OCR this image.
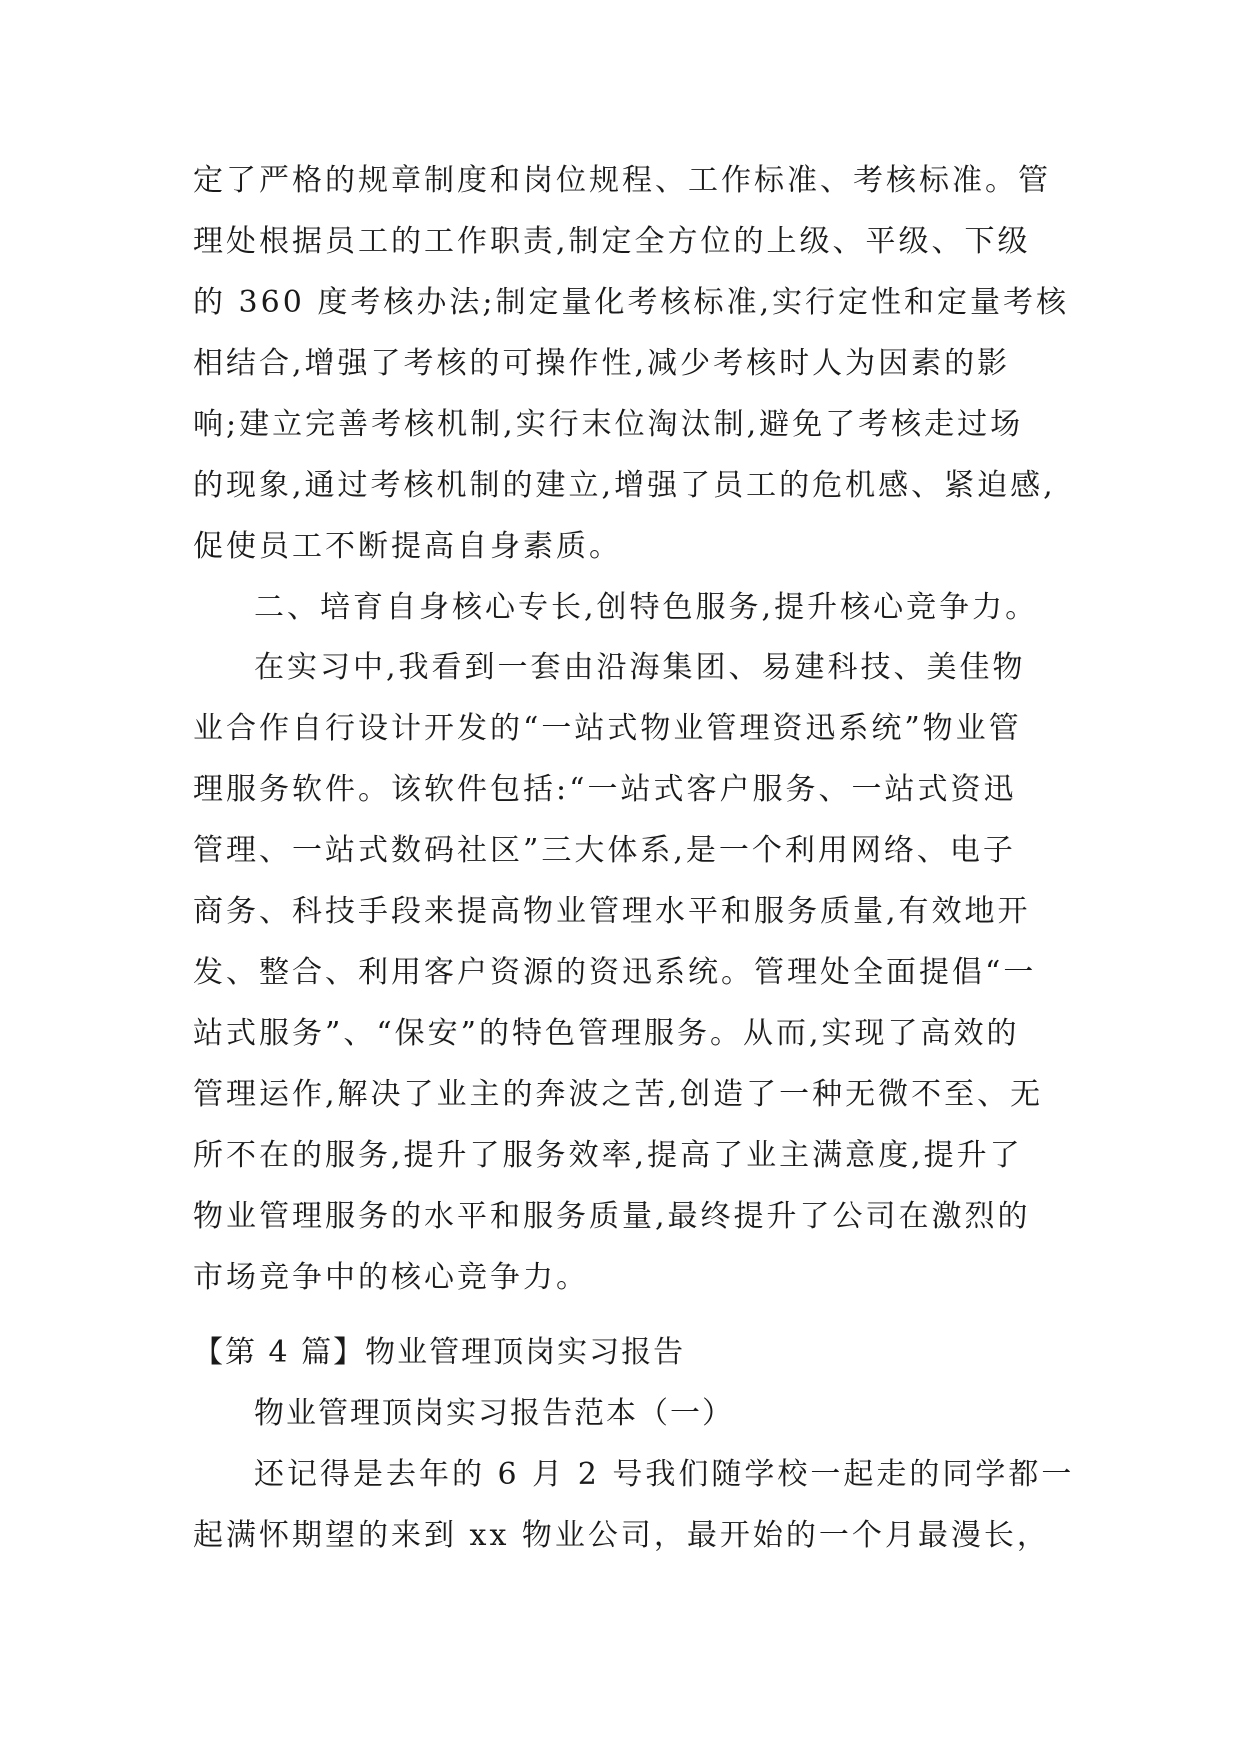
定了严格的规章制度和岗位规程、工作标准、考核标准。管
理处根据员工的工作职责,制定全方位的上级、平级、下级
的 360 度考核办法;制定量化考核标准,实行定性和定量考核
相结合,增强了考核的可操作性,减少考核时人为因素的影
响;建立完善考核机制,实行末位淘汰制,避免了考核走过场
的现象,通过考核机制的建立,增强了员工的危机感、紧迫感,
促使员工不断提高自身素质。
二、培育自身核心专长,创特色服务,提升核心竞争力。
在实习中,我看到一套由沿海集团、易建科技、美佳物
业合作自行设计开发的“一站式物业管理资迅系统”物业管
理服务软件。该软件包括:“一站式客户服务、一站式资迅
管理、一站式数码社区”三大体系,是一个利用网络、电子
商务、科技手段来提高物业管理水平和服务质量,有效地开
发、整合、利用客户资源的资迅系统。管理处全面提倡“一
站式服务”、“保安”的特色管理服务。从而,实现了高效的
管理运作,解决了业主的奔波之苦,创造了一种无微不至、无
所不在的服务,提升了服务效率,提高了业主满意度,提升了
物业管理服务的水平和服务质量,最终提升了公司在激烈的
市场竞争中的核心竞争力。
【第 4 篇】物业管理顶岗实习报告
物业管理顶岗实习报告范本（一）
还记得是去年的 6 月 2 号我们随学校一起走的同学都一
起满怀期望的来到 xx 物业公司，最开始的一个月最漫长，
